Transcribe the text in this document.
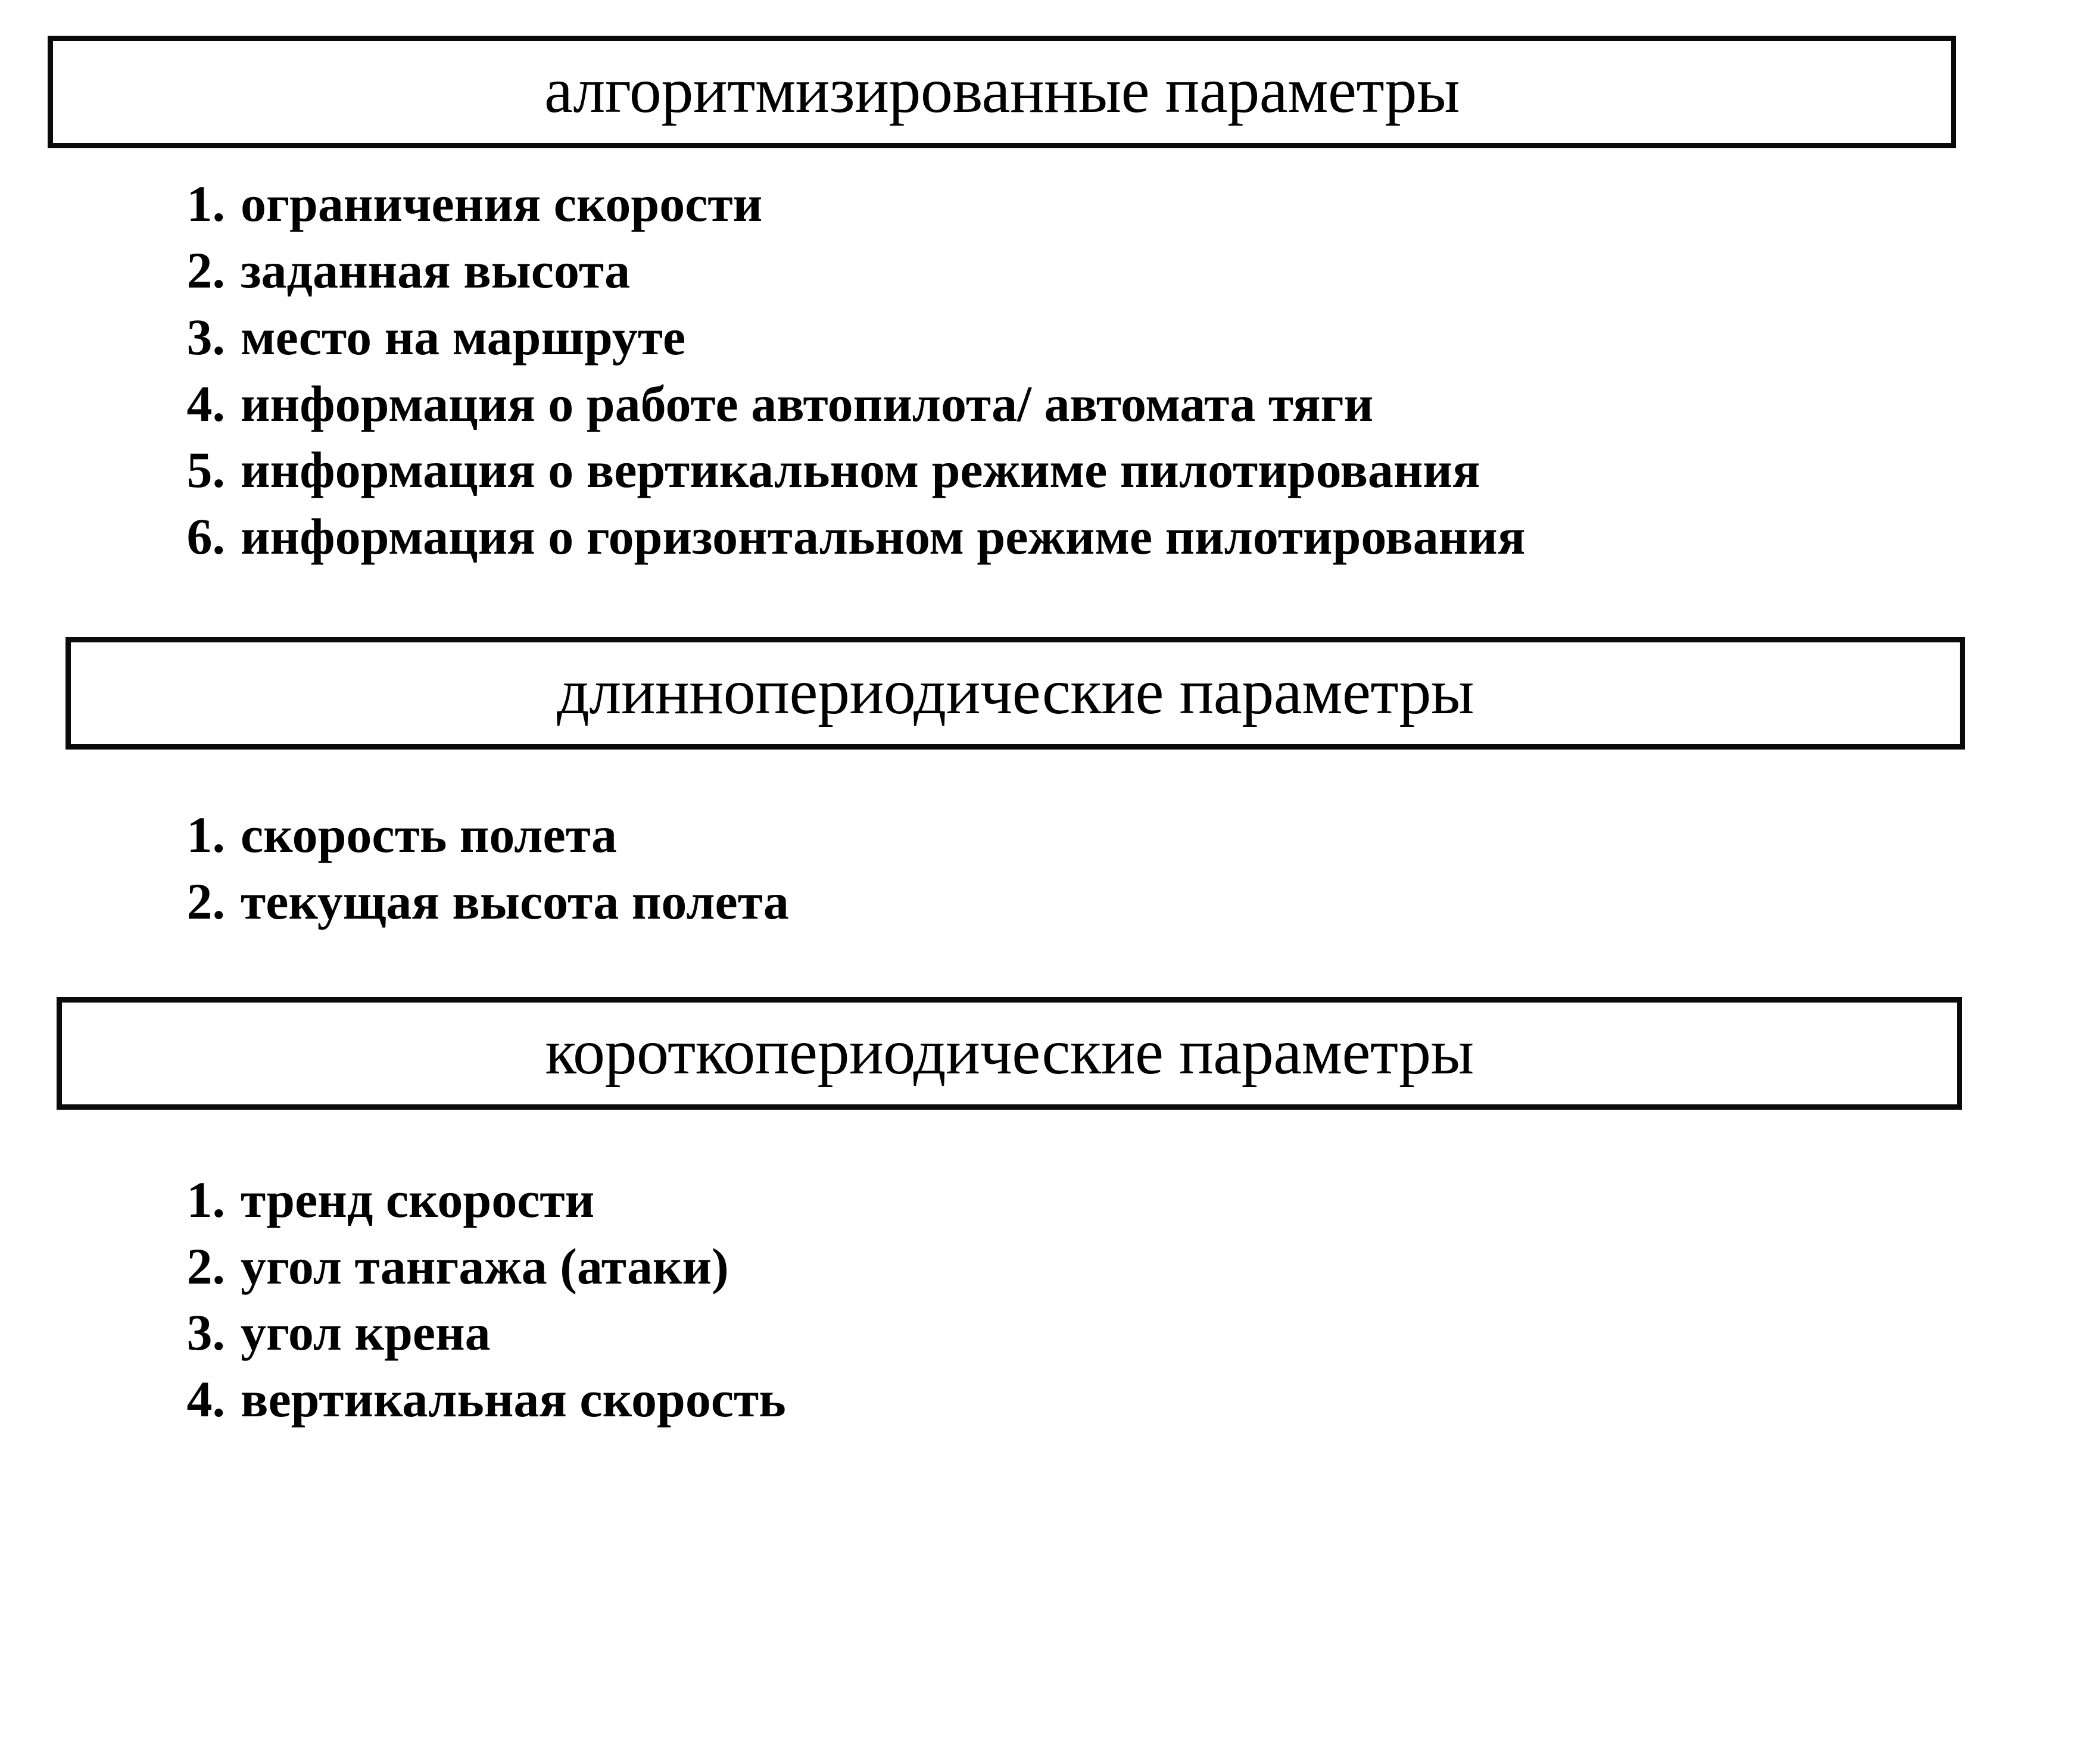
алгоритмизированные параметры
1. ограничения скорости
2. заданная высота
3. место на маршруте
4. информация о работе автопилота/ автомата тяги
5. информация о вертикальном режиме пилотирования
6. информация о горизонтальном режиме пилотирования
длиннопериодические параметры
1. скорость полета
2. текущая высота полета
короткопериодические параметры
1. тренд скорости
2. угол тангажа (атаки)
3. угол крена
4. вертикальная скорость
